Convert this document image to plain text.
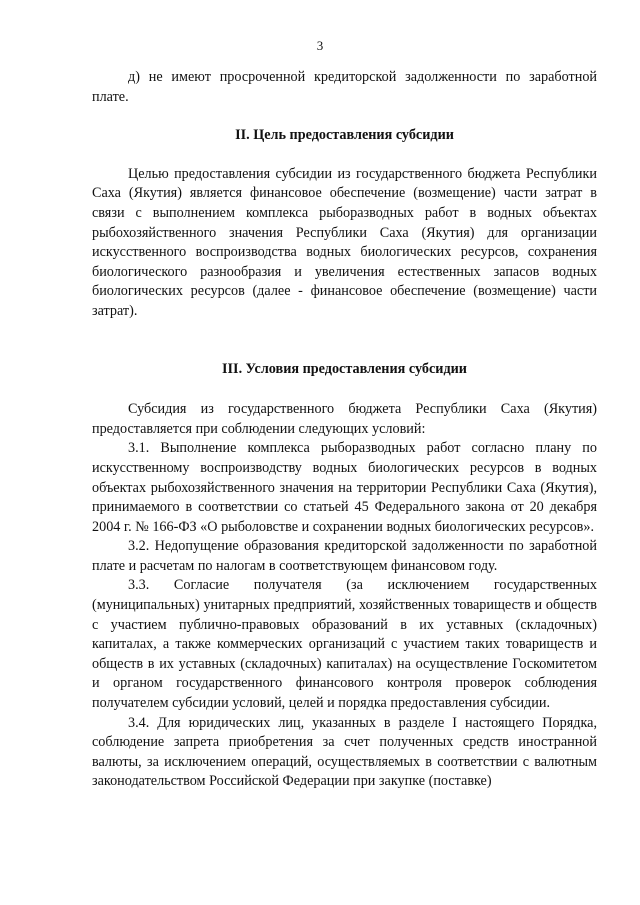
3

д) не имеют просроченной кредиторской задолженности по заработной плате.

II. Цель предоставления субсидии

Целью предоставления субсидии из государственного бюджета Республики Саха (Якутия) является финансовое обеспечение (возмещение) части затрат в связи с выполнением комплекса рыборазводных работ в водных объектах рыбохозяйственного значения Республики Саха (Якутия) для организации искусственного воспроизводства водных биологических ресурсов, сохранения биологического разнообразия и увеличения естественных запасов водных биологических ресурсов (далее - финансовое обеспечение (возмещение) части затрат).

III. Условия предоставления субсидии

Субсидия из государственного бюджета Республики Саха (Якутия) предоставляется при соблюдении следующих условий:

3.1. Выполнение комплекса рыборазводных работ согласно плану по искусственному воспроизводству водных биологических ресурсов в водных объектах рыбохозяйственного значения на территории Республики Саха (Якутия), принимаемого в соответствии со статьей 45 Федерального закона от 20 декабря 2004 г. № 166-ФЗ «О рыболовстве и сохранении водных биологических ресурсов».

3.2. Недопущение образования кредиторской задолженности по заработной плате и расчетам по налогам в соответствующем финансовом году.

3.3. Согласие получателя (за исключением государственных (муниципальных) унитарных предприятий, хозяйственных товариществ и обществ с участием публично-правовых образований в их уставных (складочных) капиталах, а также коммерческих организаций с участием таких товариществ и обществ в их уставных (складочных) капиталах) на осуществление Госкомитетом и органом государственного финансового контроля проверок соблюдения получателем субсидии условий, целей и порядка предоставления субсидии.

3.4. Для юридических лиц, указанных в разделе I настоящего Порядка, соблюдение запрета приобретения за счет полученных средств иностранной валюты, за исключением операций, осуществляемых в соответствии с валютным законодательством Российской Федерации при закупке (поставке)
